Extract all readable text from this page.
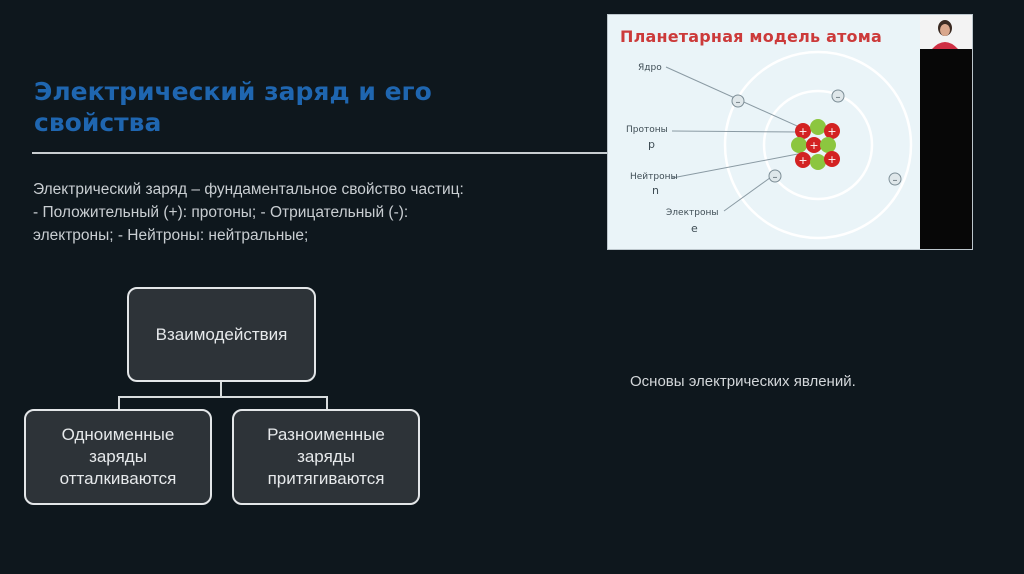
Электрический заряд и его
свойства
Электрический заряд – фундаментальное свойство частиц:
- Положительный (+): протоны; - Отрицательный (-):
электроны; - Нейтроны: нейтральные;
Взаимодействия
Одноименные заряды отталкиваются
Разноименные заряды притягиваются
Основы электрических явлений.
+ +
+
+ +
–	–
–	–
Ядро
Протоны
p
Нейтроны
n
Электроны
e
Планетарная модель атома
